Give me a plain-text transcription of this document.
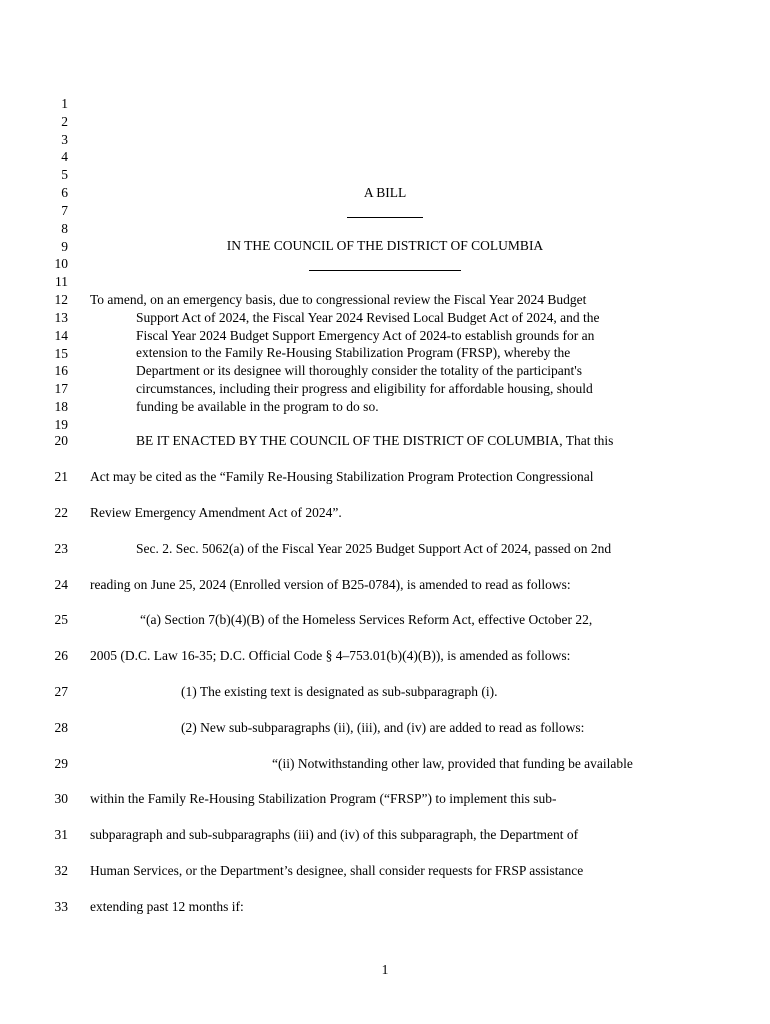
1
2
3
4
5
6
7
8
9
10
11
12
13
14
15
16
17
18
19
20
21
22
23
24
25
26
27
28
29
30
31
32
33
A BILL
IN THE COUNCIL OF THE DISTRICT OF COLUMBIA
To amend, on an emergency basis, due to congressional review the Fiscal Year 2024 Budget
Support Act of 2024, the Fiscal Year 2024 Revised Local Budget Act of 2024, and the
Fiscal Year 2024 Budget Support Emergency Act of 2024-to establish grounds for an
extension to the Family Re-Housing Stabilization Program (FRSP), whereby the
Department or its designee will thoroughly consider the totality of the participant's
circumstances, including their progress and eligibility for affordable housing, should
funding be available in the program to do so.
BE IT ENACTED BY THE COUNCIL OF THE DISTRICT OF COLUMBIA, That this
Act may be cited as the “Family Re-Housing Stabilization Program Protection Congressional
Review Emergency Amendment Act of 2024”.
Sec. 2. Sec. 5062(a) of the Fiscal Year 2025 Budget Support Act of 2024, passed on 2nd
reading on June 25, 2024 (Enrolled version of B25-0784), is amended to read as follows:
“(a) Section 7(b)(4)(B) of the Homeless Services Reform Act, effective October 22,
2005 (D.C. Law 16-35; D.C. Official Code § 4–753.01(b)(4)(B)), is amended as follows:
(1) The existing text is designated as sub-subparagraph (i).
(2) New sub-subparagraphs (ii), (iii), and (iv) are added to read as follows:
“(ii) Notwithstanding other law, provided that funding be available
within the Family Re-Housing Stabilization Program (“FRSP”) to implement this sub-
subparagraph and sub-subparagraphs (iii) and (iv) of this subparagraph, the Department of
Human Services, or the Department’s designee, shall consider requests for FRSP assistance
extending past 12 months if:
1
